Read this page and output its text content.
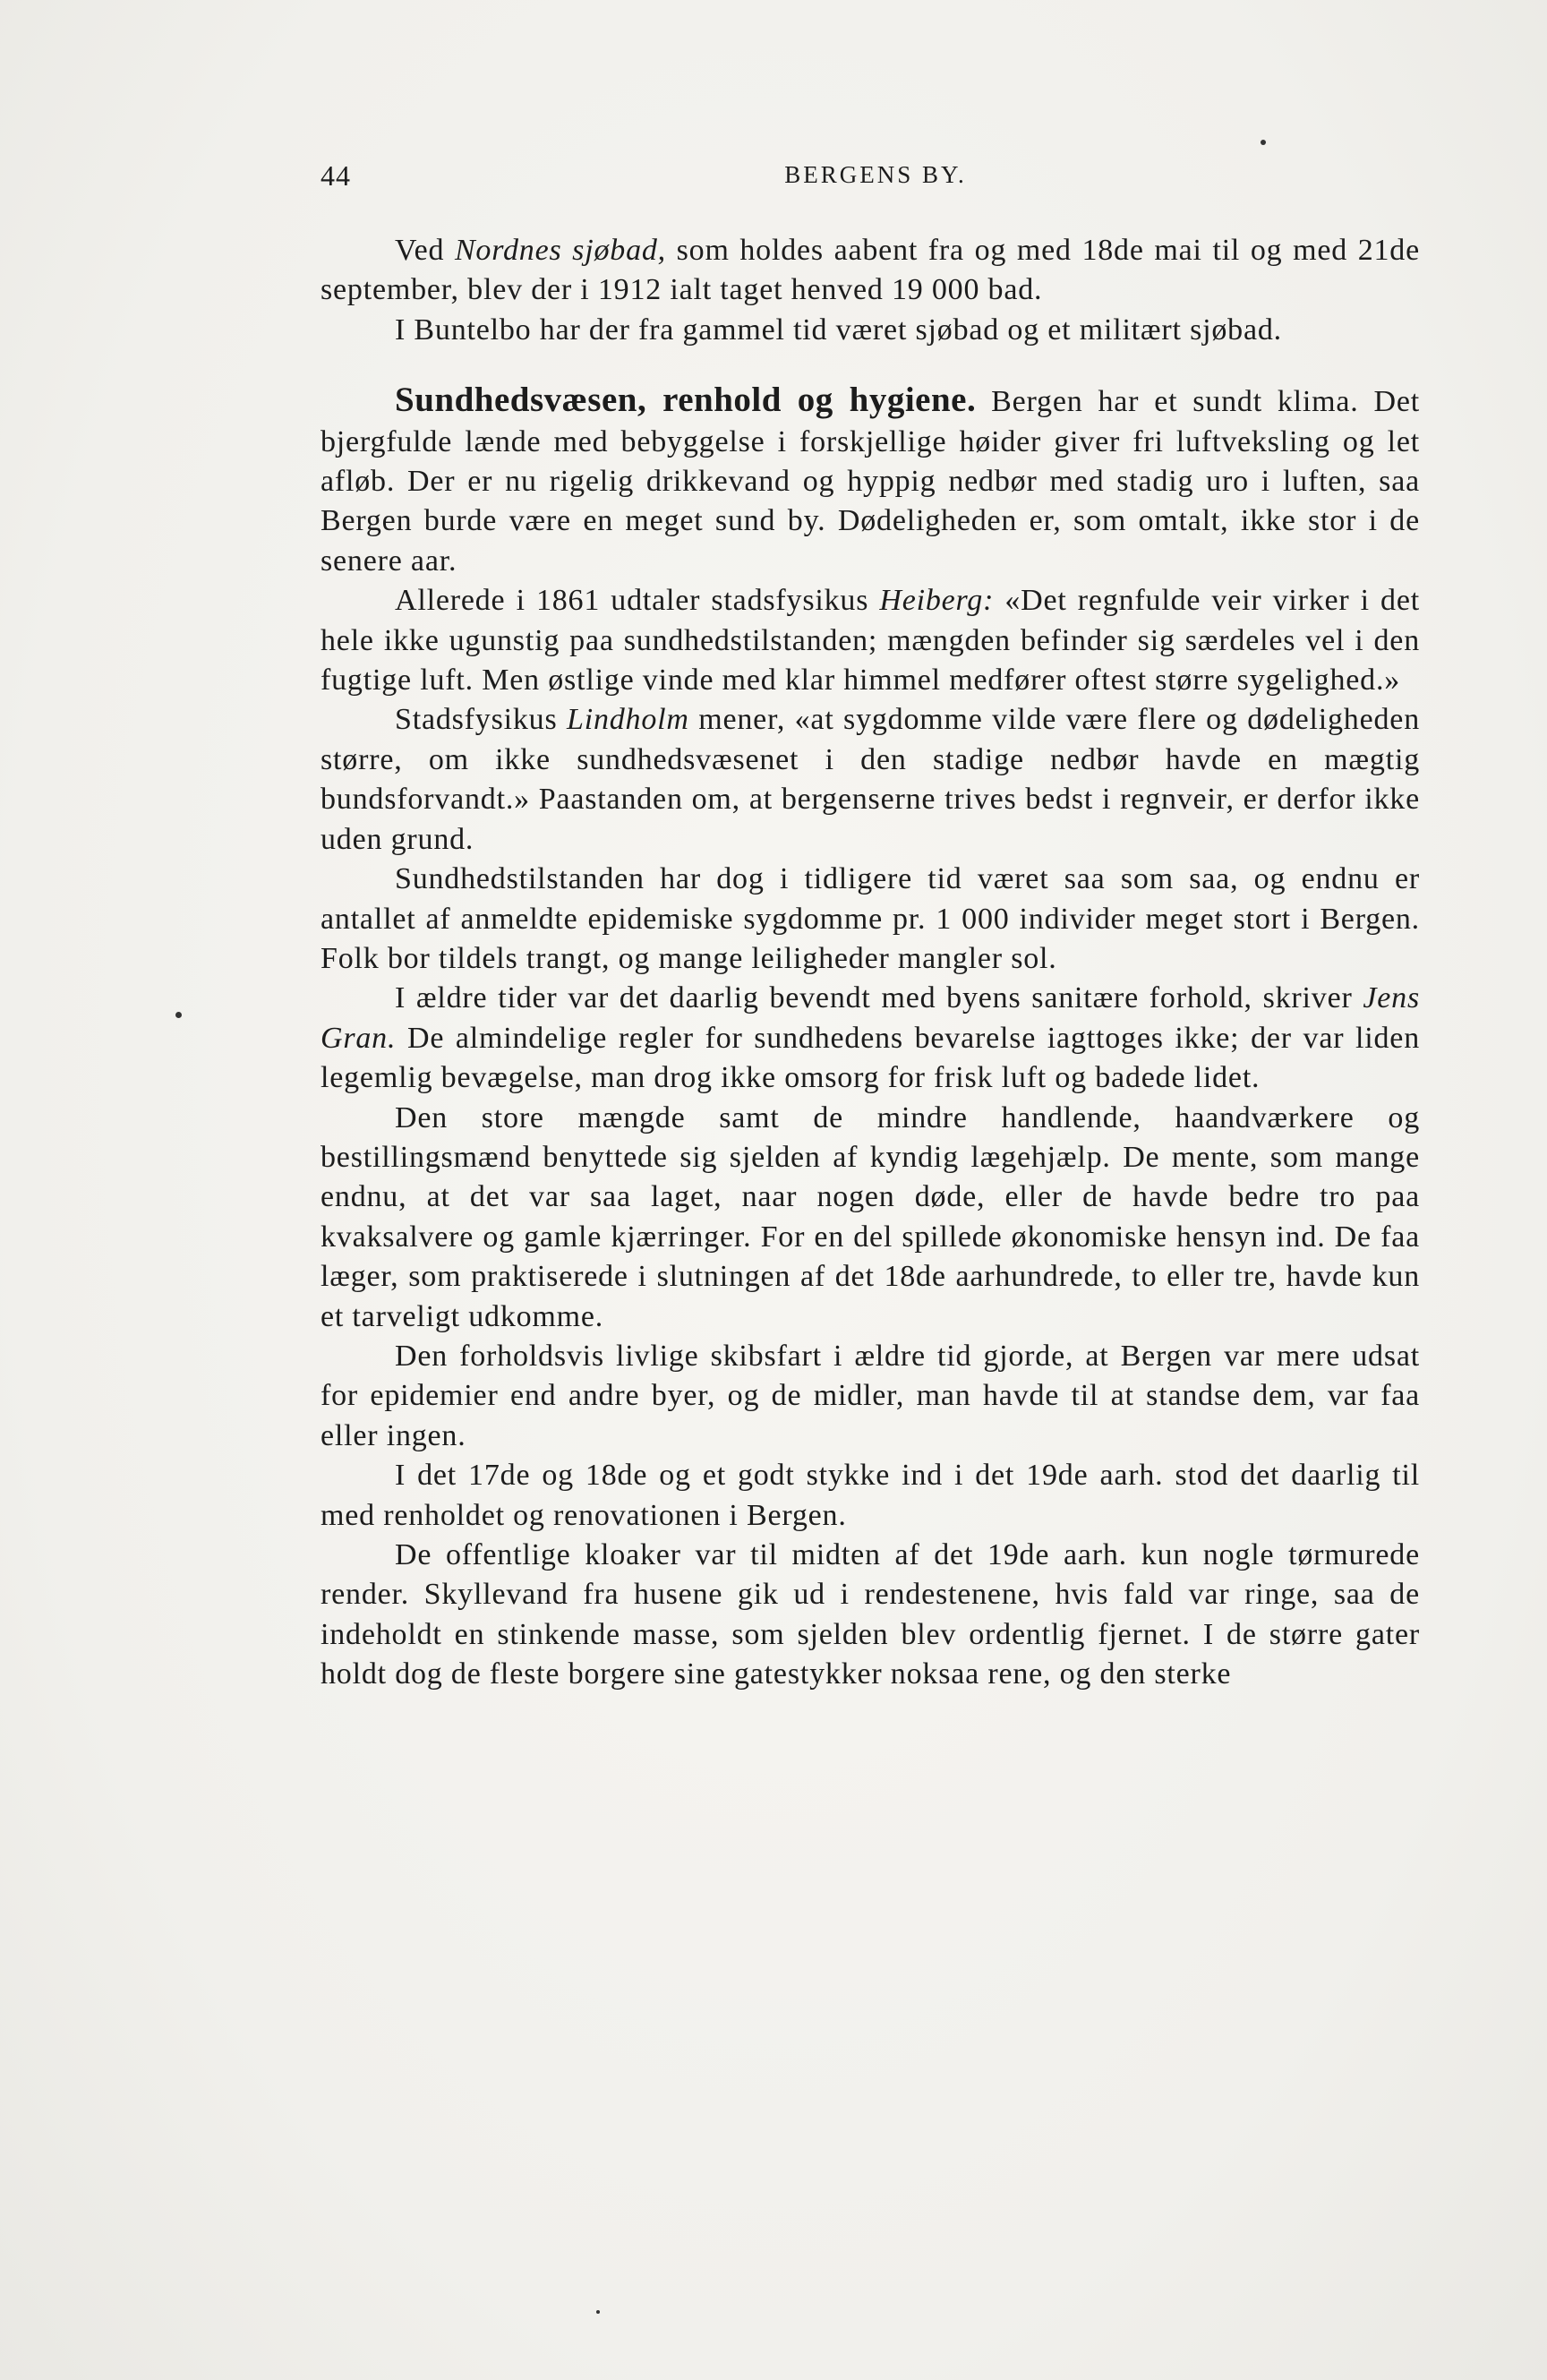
44	BERGENS BY.

Ved Nordnes sjøbad, som holdes aabent fra og med 18de mai til og med 21de september, blev der i 1912 ialt taget henved 19 000 bad.

I Buntelbo har der fra gammel tid været sjøbad og et militært sjøbad.

Sundhedsvæsen, renhold og hygiene. Bergen har et sundt klima. Det bjergfulde lænde med bebyggelse i forskjellige høider giver fri luftveksling og let afløb. Der er nu rigelig drikkevand og hyppig nedbør med stadig uro i luften, saa Bergen burde være en meget sund by. Dødeligheden er, som omtalt, ikke stor i de senere aar.

Allerede i 1861 udtaler stadsfysikus Heiberg: «Det regnfulde veir virker i det hele ikke ugunstig paa sundhedstilstanden; mængden befinder sig særdeles vel i den fugtige luft. Men østlige vinde med klar himmel medfører oftest større sygelighed.»

Stadsfysikus Lindholm mener, «at sygdomme vilde være flere og dødeligheden større, om ikke sundhedsvæsenet i den stadige nedbør havde en mægtig bundsforvandt.» Paastanden om, at bergenserne trives bedst i regnveir, er derfor ikke uden grund.

Sundhedstilstanden har dog i tidligere tid været saa som saa, og endnu er antallet af anmeldte epidemiske sygdomme pr. 1 000 individer meget stort i Bergen. Folk bor tildels trangt, og mange leiligheder mangler sol.

I ældre tider var det daarlig bevendt med byens sanitære forhold, skriver Jens Gran. De almindelige regler for sundhedens bevarelse iagttoges ikke; der var liden legemlig bevægelse, man drog ikke omsorg for frisk luft og badede lidet.

Den store mængde samt de mindre handlende, haandværkere og bestillingsmænd benyttede sig sjelden af kyndig lægehjælp. De mente, som mange endnu, at det var saa laget, naar nogen døde, eller de havde bedre tro paa kvaksalvere og gamle kjærringer. For en del spillede økonomiske hensyn ind. De faa læger, som praktiserede i slutningen af det 18de aarhundrede, to eller tre, havde kun et tarveligt udkomme.

Den forholdsvis livlige skibsfart i ældre tid gjorde, at Bergen var mere udsat for epidemier end andre byer, og de midler, man havde til at standse dem, var faa eller ingen.

I det 17de og 18de og et godt stykke ind i det 19de aarh. stod det daarlig til med renholdet og renovationen i Bergen.

De offentlige kloaker var til midten af det 19de aarh. kun nogle tørmurede render. Skyllevand fra husene gik ud i rendestenene, hvis fald var ringe, saa de indeholdt en stinkende masse, som sjelden blev ordentlig fjernet. I de større gater holdt dog de fleste borgere sine gatestykker noksaa rene, og den sterke
